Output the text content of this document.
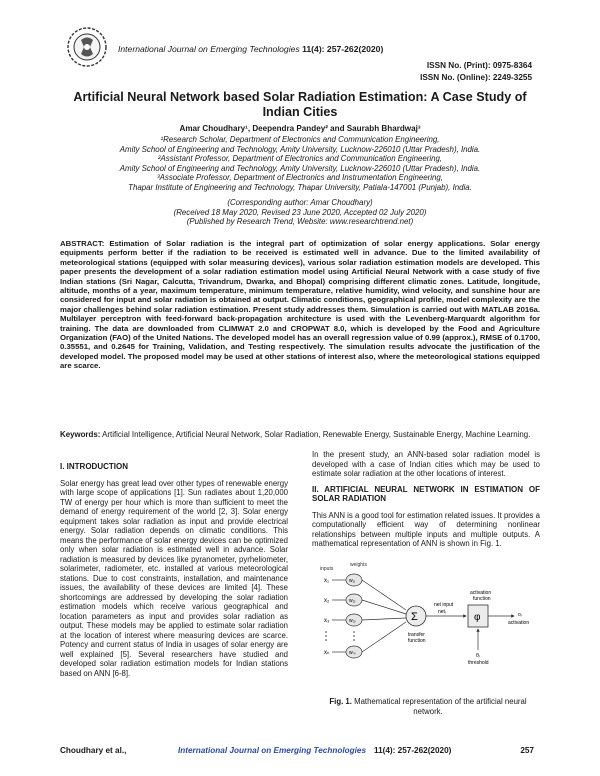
International Journal on Emerging Technologies 11(4): 257-262(2020)
ISSN No. (Print): 0975-8364
ISSN No. (Online): 2249-3255
Artificial Neural Network based Solar Radiation Estimation: A Case Study of Indian Cities
Amar Choudhary¹, Deependra Pandey² and Saurabh Bhardwaj³
¹Research Scholar, Department of Electronics and Communication Engineering,
Amity School of Engineering and Technology, Amity University, Lucknow-226010 (Uttar Pradesh), India.
²Assistant Professor, Department of Electronics and Communication Engineering,
Amity School of Engineering and Technology, Amity University, Lucknow-226010 (Uttar Pradesh), India.
³Associate Professor, Department of Electronics and Instrumentation Engineering,
Thapar Institute of Engineering and Technology, Thapar University, Patiala-147001 (Punjab), India.
(Corresponding author: Amar Choudhary)
(Received 18 May 2020, Revised 23 June 2020, Accepted 02 July 2020)
(Published by Research Trend, Website: www.researchtrend.net)
ABSTRACT: Estimation of Solar radiation is the integral part of optimization of solar energy applications. Solar energy equipments perform better if the radiation to be received is estimated well in advance. Due to the limited availability of meteorological stations (equipped with solar measuring devices), various solar radiation estimation models are developed. This paper presents the development of a solar radiation estimation model using Artificial Neural Network with a case study of five Indian stations (Sri Nagar, Calcutta, Trivandrum, Dwarka, and Bhopal) comprising different climatic zones. Latitude, longitude, altitude, months of a year, maximum temperature, minimum temperature, relative humidity, wind velocity, and sunshine hour are considered for input and solar radiation is obtained at output. Climatic conditions, geographical profile, model complexity are the major challenges behind solar radiation estimation. Present study addresses them. Simulation is carried out with MATLAB 2016a. Multilayer perceptron with feed-forward back-propagation architecture is used with the Levenberg-Marquardt algorithm for training. The data are downloaded from CLIMWAT 2.0 and CROPWAT 8.0, which is developed by the Food and Agriculture Organization (FAO) of the United Nations. The developed model has an overall regression value of 0.99 (approx.), RMSE of 0.1700, 0.35551, and 0.2645 for Training, Validation, and Testing respectively. The simulation results advocate the justification of the developed model. The proposed model may be used at other stations of interest also, where the meteorological stations equipped are scarce.
Keywords: Artificial Intelligence, Artificial Neural Network, Solar Radiation, Renewable Energy, Sustainable Energy, Machine Learning.
I. INTRODUCTION

Solar energy has great lead over other types of renewable energy with large scope of applications [1]. Sun radiates about 1,20,000 TW of energy per hour which is more than sufficient to meet the demand of energy requirement of the world [2, 3]. Solar energy equipment takes solar radiation as input and provide electrical energy. Solar radiation depends on climatic conditions. This means the performance of solar energy devices can be optimized only when solar radiation is estimated well in advance. Solar radiation is measured by devices like pyranometer, pyrheliometer, solarimeter, radiometer, etc. installed at various meteorological stations. Due to cost constraints, installation, and maintenance issues, the availability of these devices are limited [4]. These shortcomings are addressed by developing the solar radiation estimation models which receive various geographical and location parameters as input and provides solar radiation as output. These models may be applied to estimate solar radiation at the location of interest where measuring devices are scarce. Potency and current status of India in usages of solar energy are well explained [5]. Several researchers have studied and developed solar radiation estimation models for Indian stations based on ANN [6-8].

In the present study, an ANN-based solar radiation model is developed with a case of Indian cities which may be used to estimate solar radiation at the other locations of interest.

II. ARTIFICIAL NEURAL NETWORK IN ESTIMATION OF SOLAR RADIATION

This ANN is a good tool for estimation related issues. It provides a computationally efficient way of determining nonlinear relationships between multiple inputs and multiple outputs. A mathematical representation of ANN is shown in Fig. 1.

inputs
weights
x₁	w₁ⱼ
x₂	w₂ⱼ
x₃	w₃ⱼ
xₙ	wₙⱼ
Σ
transfer
function
net input
netⱼ
activation
function
φ	oⱼ
activation
θⱼ
threshold
Fig. 1. Mathematical representation of the artificial neural network.
Choudhary et al.,	International Journal on Emerging Technologies 11(4): 257-262(2020)	257
